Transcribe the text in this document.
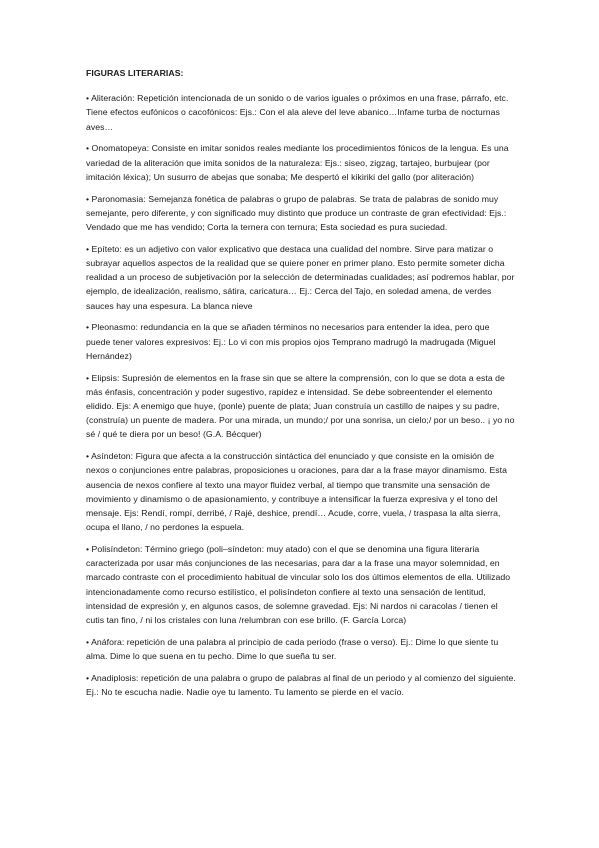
FIGURAS LITERARIAS:

• Aliteración: Repetición intencionada de un sonido o de varios iguales o próximos en una frase, párrafo, etc. Tiene efectos eufónicos o cacofónicos: Ejs.: Con el ala aleve del leve abanico…Infame turba de nocturnas aves…

• Onomatopeya: Consiste en imitar sonidos reales mediante los procedimientos fónicos de la lengua. Es una variedad de la aliteración que imita sonidos de la naturaleza: Ejs.: siseo, zigzag, tartajeo, burbujear (por imitación léxica); Un susurro de abejas que sonaba; Me despertó el kikiriki del gallo (por aliteración)

• Paronomasia: Semejanza fonética de palabras o grupo de palabras. Se trata de palabras de sonido muy semejante, pero diferente, y con significado muy distinto que produce un contraste de gran efectividad: Ejs.: Vendado que me has vendido; Corta la ternera con ternura; Esta sociedad es pura suciedad.

• Epíteto: es un adjetivo con valor explicativo que destaca una cualidad del nombre. Sirve para matizar o subrayar aquellos aspectos de la realidad que se quiere poner en primer plano. Esto permite someter dicha realidad a un proceso de subjetivación por la selección de determinadas cualidades; así podremos hablar, por ejemplo, de idealización, realismo, sátira, caricatura… Ej.: Cerca del Tajo, en soledad amena, de verdes sauces hay una espesura. La blanca nieve

• Pleonasmo: redundancia en la que se añaden términos no necesarios para entender la idea, pero que puede tener valores expresivos: Ej.: Lo vi con mis propios ojos Temprano madrugó la madrugada (Miguel Hernández)

• Elipsis: Supresión de elementos en la frase sin que se altere la comprensión, con lo que se dota a esta de más énfasis, concentración y poder sugestivo, rapidez e intensidad. Se debe sobreentender el elemento elidido. Ejs: A enemigo que huye, (ponle) puente de plata; Juan construía un castillo de naipes y su padre, (construía) un puente de madera. Por una mirada, un mundo;/ por una sonrisa, un cielo;/ por un beso.. ¡ yo no sé / qué te diera por un beso! (G.A. Bécquer)

• Asíndeton: Figura que afecta a la construcción sintáctica del enunciado y que consiste en la omisión de nexos o conjunciones entre palabras, proposiciones u oraciones, para dar a la frase mayor dinamismo. Esta ausencia de nexos confiere al texto una mayor fluidez verbal, al tiempo que transmite una sensación de movimiento y dinamismo o de apasionamiento, y contribuye a intensificar la fuerza expresiva y el tono del mensaje. Ejs: Rendí, rompí, derribé, / Rajé, deshice, prendí… Acude, corre, vuela, / traspasa la alta sierra, ocupa el llano, / no perdones la espuela.

• Polisíndeton: Término griego (poli–síndeton: muy atado) con el que se denomina una figura literaria caracterizada por usar más conjunciones de las necesarias, para dar a la frase una mayor solemnidad, en marcado contraste con el procedimiento habitual de vincular solo los dos últimos elementos de ella. Utilizado intencionadamente como recurso estilístico, el polisíndeton confiere al texto una sensación de lentitud, intensidad de expresión y, en algunos casos, de solemne gravedad. Ejs: Ni nardos ni caracolas / tienen el cutis tan fino, / ni los cristales con luna /relumbran con ese brillo. (F. García Lorca)

• Anáfora: repetición de una palabra al principio de cada periodo (frase o verso). Ej.: Dime lo que siente tu alma. Dime lo que suena en tu pecho. Dime lo que sueña tu ser.

• Anadiplosis: repetición de una palabra o grupo de palabras al final de un periodo y al comienzo del siguiente. Ej.: No te escucha nadie. Nadie oye tu lamento. Tu lamento se pierde en el vacío.
